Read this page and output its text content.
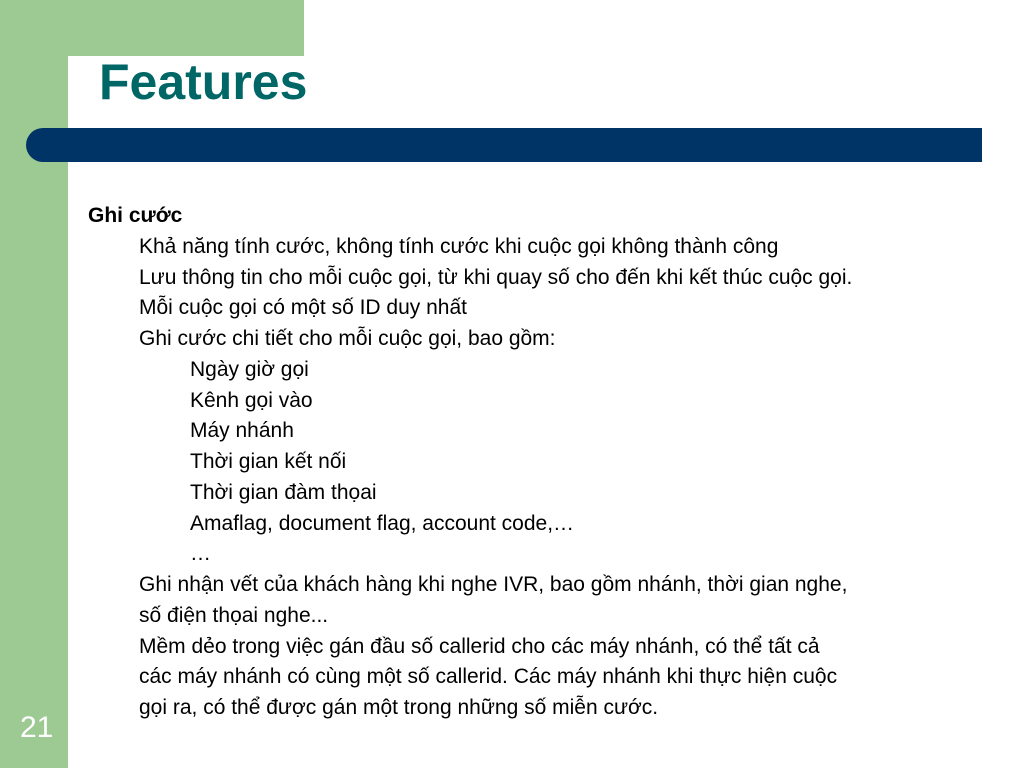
Features
Ghi cước
Khả năng tính cước, không tính cước khi cuộc gọi không thành công
Lưu thông tin cho mỗi cuộc gọi, từ khi quay số cho đến khi kết thúc cuộc gọi.
Mỗi cuộc gọi có một số ID duy nhất
Ghi cước chi tiết cho mỗi cuộc gọi, bao gồm:
Ngày giờ gọi
Kênh gọi vào
Máy nhánh
Thời gian kết nối
Thời gian đàm thọai
Amaflag, document flag, account code,…
…
Ghi nhận vết của khách hàng khi nghe IVR, bao gồm nhánh, thời gian nghe,
số điện thọai nghe...
Mềm dẻo trong việc gán đầu số callerid cho các máy nhánh, có thể tất cả
các máy nhánh có cùng một số callerid. Các máy nhánh khi thực hiện cuộc
gọi ra, có thể được gán một trong những số miễn cước.
21
